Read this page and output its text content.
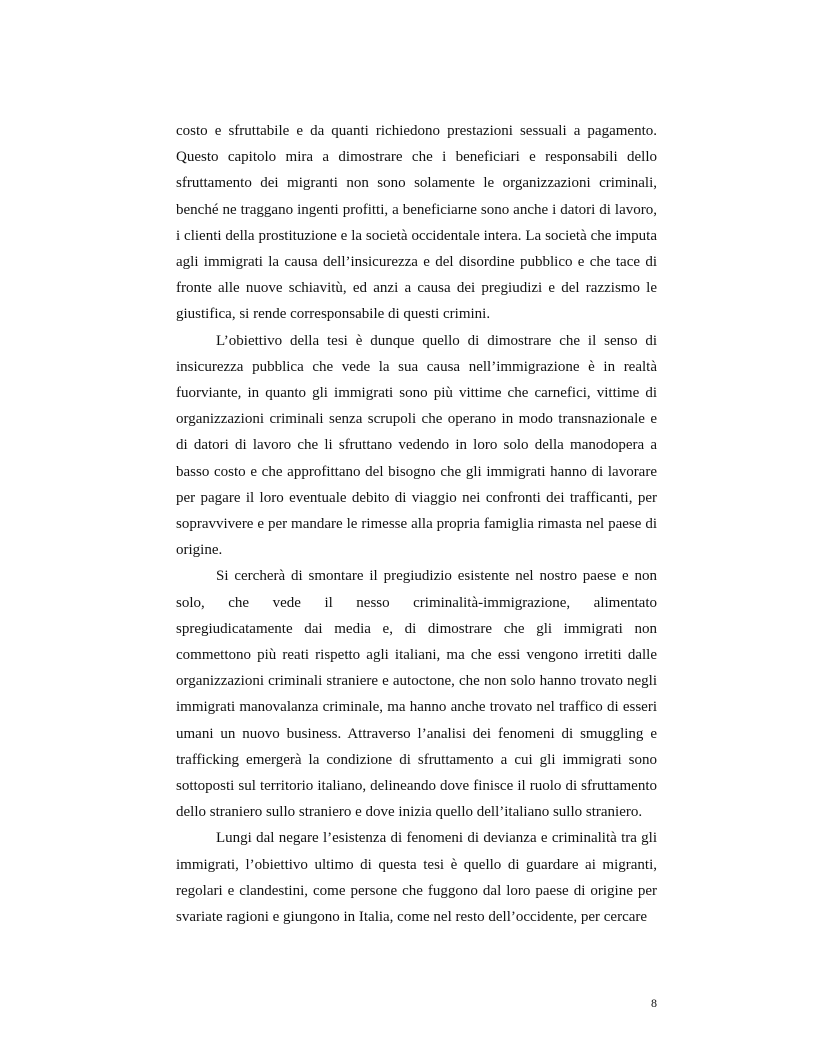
costo e sfruttabile e da quanti richiedono prestazioni sessuali a pagamento. Questo capitolo mira a dimostrare che i beneficiari e responsabili dello sfruttamento dei migranti non sono solamente le organizzazioni criminali, benché ne traggano ingenti profitti, a beneficiarne sono anche i datori di lavoro, i clienti della prostituzione e la società occidentale intera. La società che imputa agli immigrati la causa dell’insicurezza e del disordine pubblico e che tace di fronte alle nuove schiavitù, ed anzi a causa dei pregiudizi e del razzismo le giustifica, si rende corresponsabile di questi crimini.

L’obiettivo della tesi è dunque quello di dimostrare che il senso di insicurezza pubblica che vede la sua causa nell’immigrazione è in realtà fuorviante, in quanto gli immigrati sono più vittime che carnefici, vittime di organizzazioni criminali senza scrupoli che operano in modo transnazionale e di datori di lavoro che li sfruttano vedendo in loro solo della manodopera a basso costo e che approfittano del bisogno che gli immigrati hanno di lavorare per pagare il loro eventuale debito di viaggio nei confronti dei trafficanti, per sopravvivere e per mandare le rimesse alla propria famiglia rimasta nel paese di origine.

Si cercherà di smontare il pregiudizio esistente nel nostro paese e non solo, che vede il nesso criminalità-immigrazione, alimentato spregiudicatamente dai media e, di dimostrare che gli immigrati non commettono più reati rispetto agli italiani, ma che essi vengono irretiti dalle organizzazioni criminali straniere e autoctone, che non solo hanno trovato negli immigrati manovalanza criminale, ma hanno anche trovato nel traffico di esseri umani un nuovo business. Attraverso l’analisi dei fenomeni di smuggling e trafficking emergerà la condizione di sfruttamento a cui gli immigrati sono sottoposti sul territorio italiano, delineando dove finisce il ruolo di sfruttamento dello straniero sullo straniero e dove inizia quello dell’italiano sullo straniero.

Lungi dal negare l’esistenza di fenomeni di devianza e criminalità tra gli immigrati, l’obiettivo ultimo di questa tesi è quello di guardare ai migranti, regolari e clandestini, come persone che fuggono dal loro paese di origine per svariate ragioni e giungono in Italia, come nel resto dell’occidente, per cercare

8
